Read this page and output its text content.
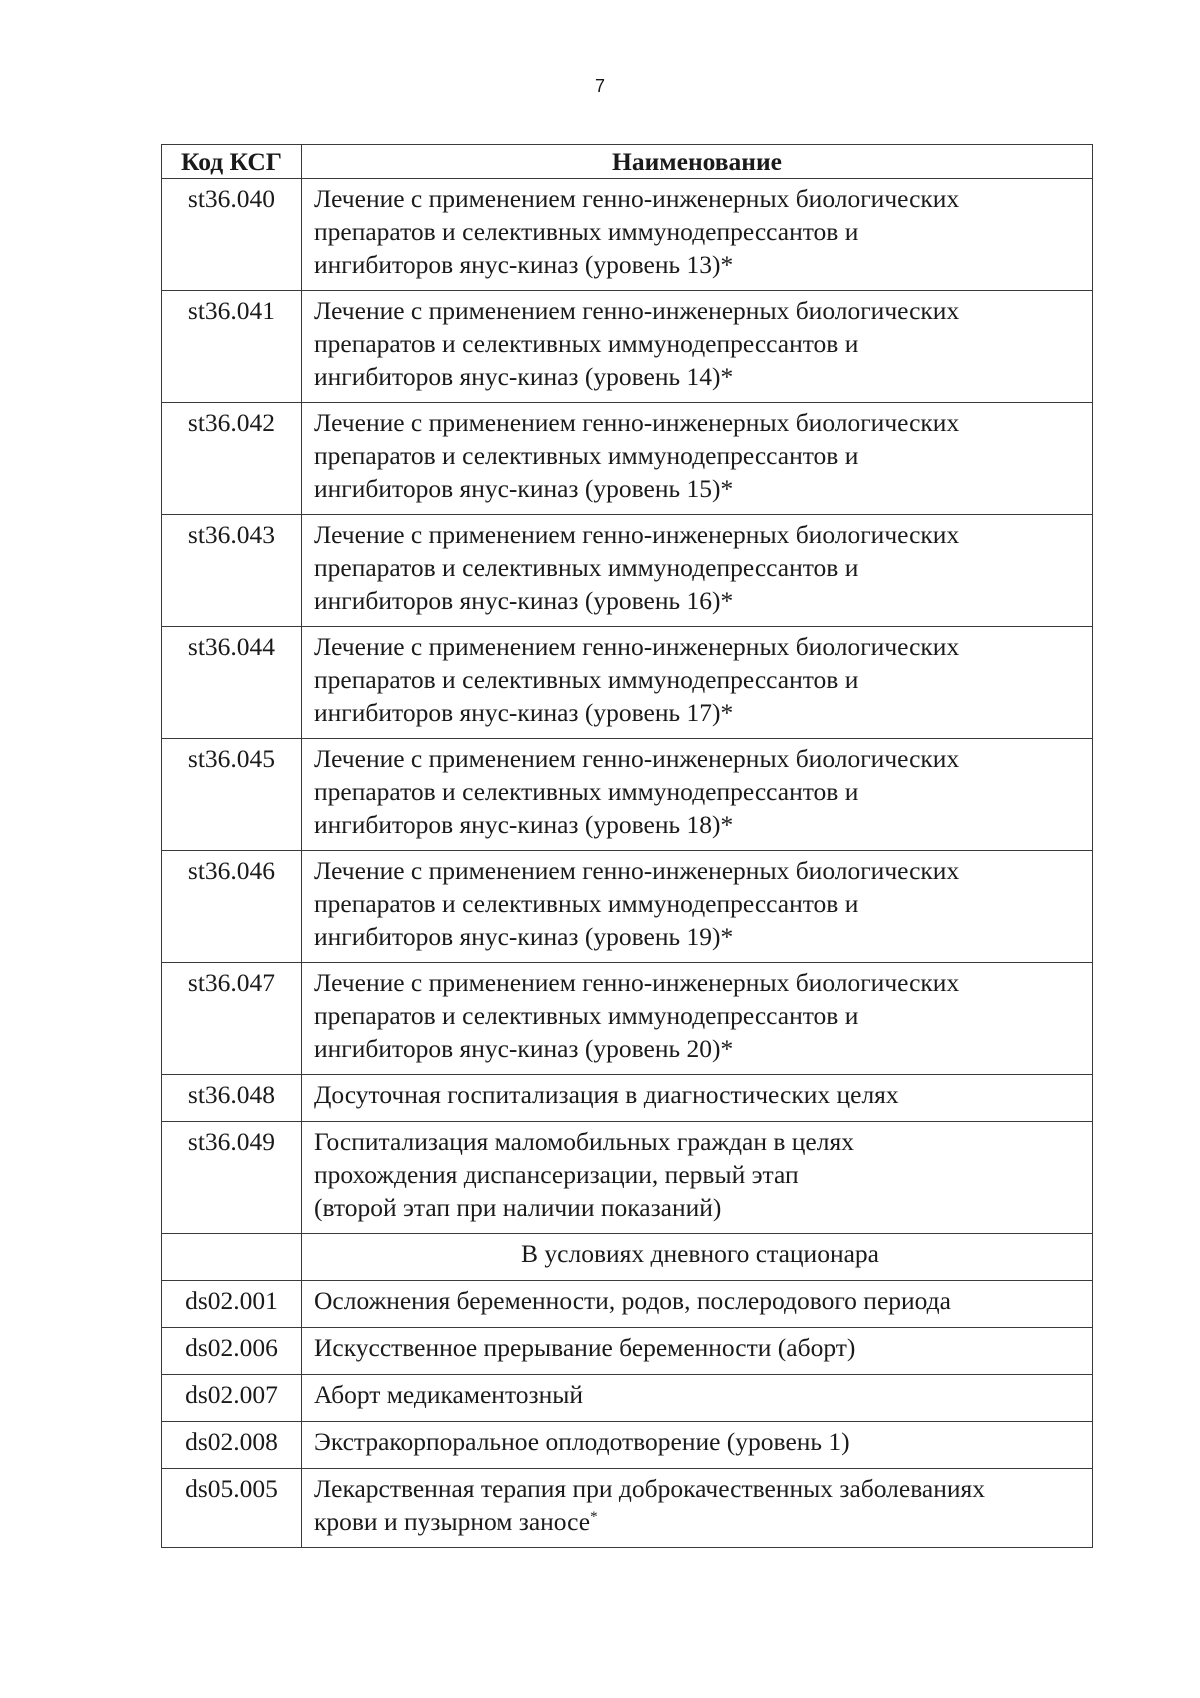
7
Код КСГ	Наименование
st36.040	Лечение с применением генно-инженерных биологических
препаратов и селективных иммунодепрессантов и
ингибиторов янус-киназ (уровень 13)*

st36.041	Лечение с применением генно-инженерных биологических
препаратов и селективных иммунодепрессантов и
ингибиторов янус-киназ (уровень 14)*

st36.042	Лечение с применением генно-инженерных биологических
препаратов и селективных иммунодепрессантов и
ингибиторов янус-киназ (уровень 15)*

st36.043	Лечение с применением генно-инженерных биологических
препаратов и селективных иммунодепрессантов и
ингибиторов янус-киназ (уровень 16)*

st36.044	Лечение с применением генно-инженерных биологических
препаратов и селективных иммунодепрессантов и
ингибиторов янус-киназ (уровень 17)*

st36.045	Лечение с применением генно-инженерных биологических
препаратов и селективных иммунодепрессантов и
ингибиторов янус-киназ (уровень 18)*

st36.046	Лечение с применением генно-инженерных биологических
препаратов и селективных иммунодепрессантов и
ингибиторов янус-киназ (уровень 19)*

st36.047	Лечение с применением генно-инженерных биологических
препаратов и селективных иммунодепрессантов и
ингибиторов янус-киназ (уровень 20)*

st36.048	Досуточная госпитализация в диагностических целях

st36.049	Госпитализация маломобильных граждан в целях
прохождения диспансеризации, первый этап
(второй этап при наличии показаний)

	В условиях дневного стационара

ds02.001	Осложнения беременности, родов, послеродового периода

ds02.006	Искусственное прерывание беременности (аборт)

ds02.007	Аборт медикаментозный

ds02.008	Экстракорпоральное оплодотворение (уровень 1)

ds05.005	Лекарственная терапия при доброкачественных заболеваниях
крови и пузырном заносе*
